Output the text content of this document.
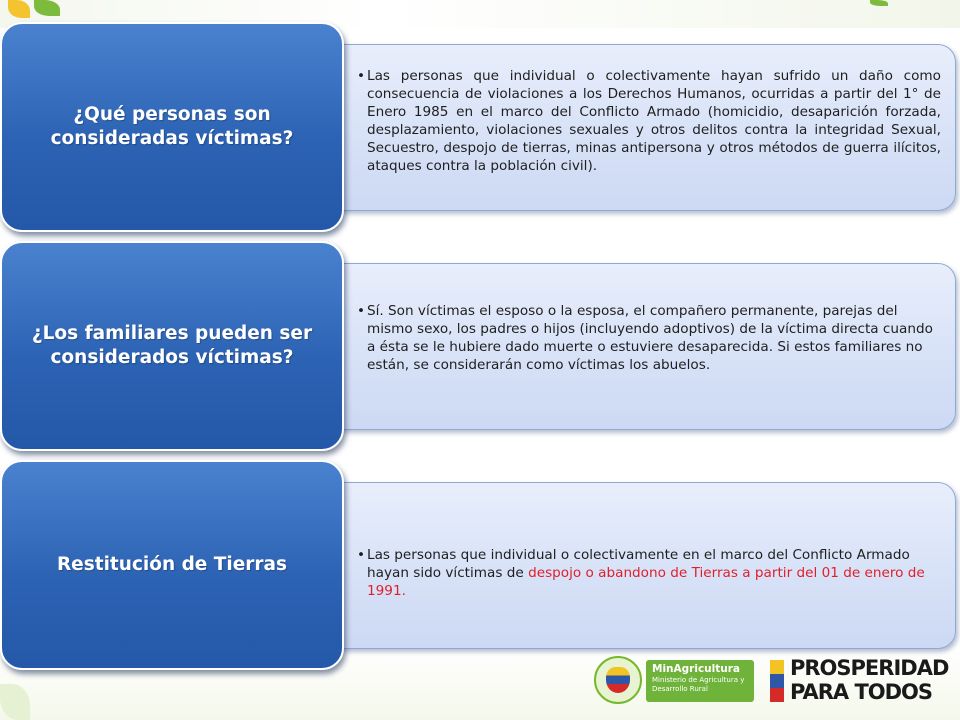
• Las personas que individual o colectivamente hayan sufrido un daño como consecuencia de violaciones a los Derechos Humanos, ocurridas a partir del 1° de Enero 1985 en el marco del Conflicto Armado (homicidio, desaparición forzada, desplazamiento, violaciones sexuales y otros delitos contra la integridad Sexual, Secuestro, despojo de tierras, minas antipersona y otros métodos de guerra ilícitos, ataques contra la población civil).
¿Qué personas son consideradas víctimas?
• Sí. Son víctimas el esposo o la esposa, el compañero permanente, parejas del mismo sexo, los padres o hijos (incluyendo adoptivos) de la víctima directa cuando a ésta se le hubiere dado muerte o estuviere desaparecida. Si estos familiares no están, se considerarán como víctimas los abuelos.
¿Los familiares pueden ser considerados víctimas?
• Las personas que individual o colectivamente en el marco del Conflicto Armado hayan sido víctimas de despojo o abandono de Tierras a partir del 01 de enero de 1991.
Restitución de Tierras
MinAgricultura
Ministerio de Agricultura y Desarrollo Rural
PROSPERIDAD
PARA TODOS
